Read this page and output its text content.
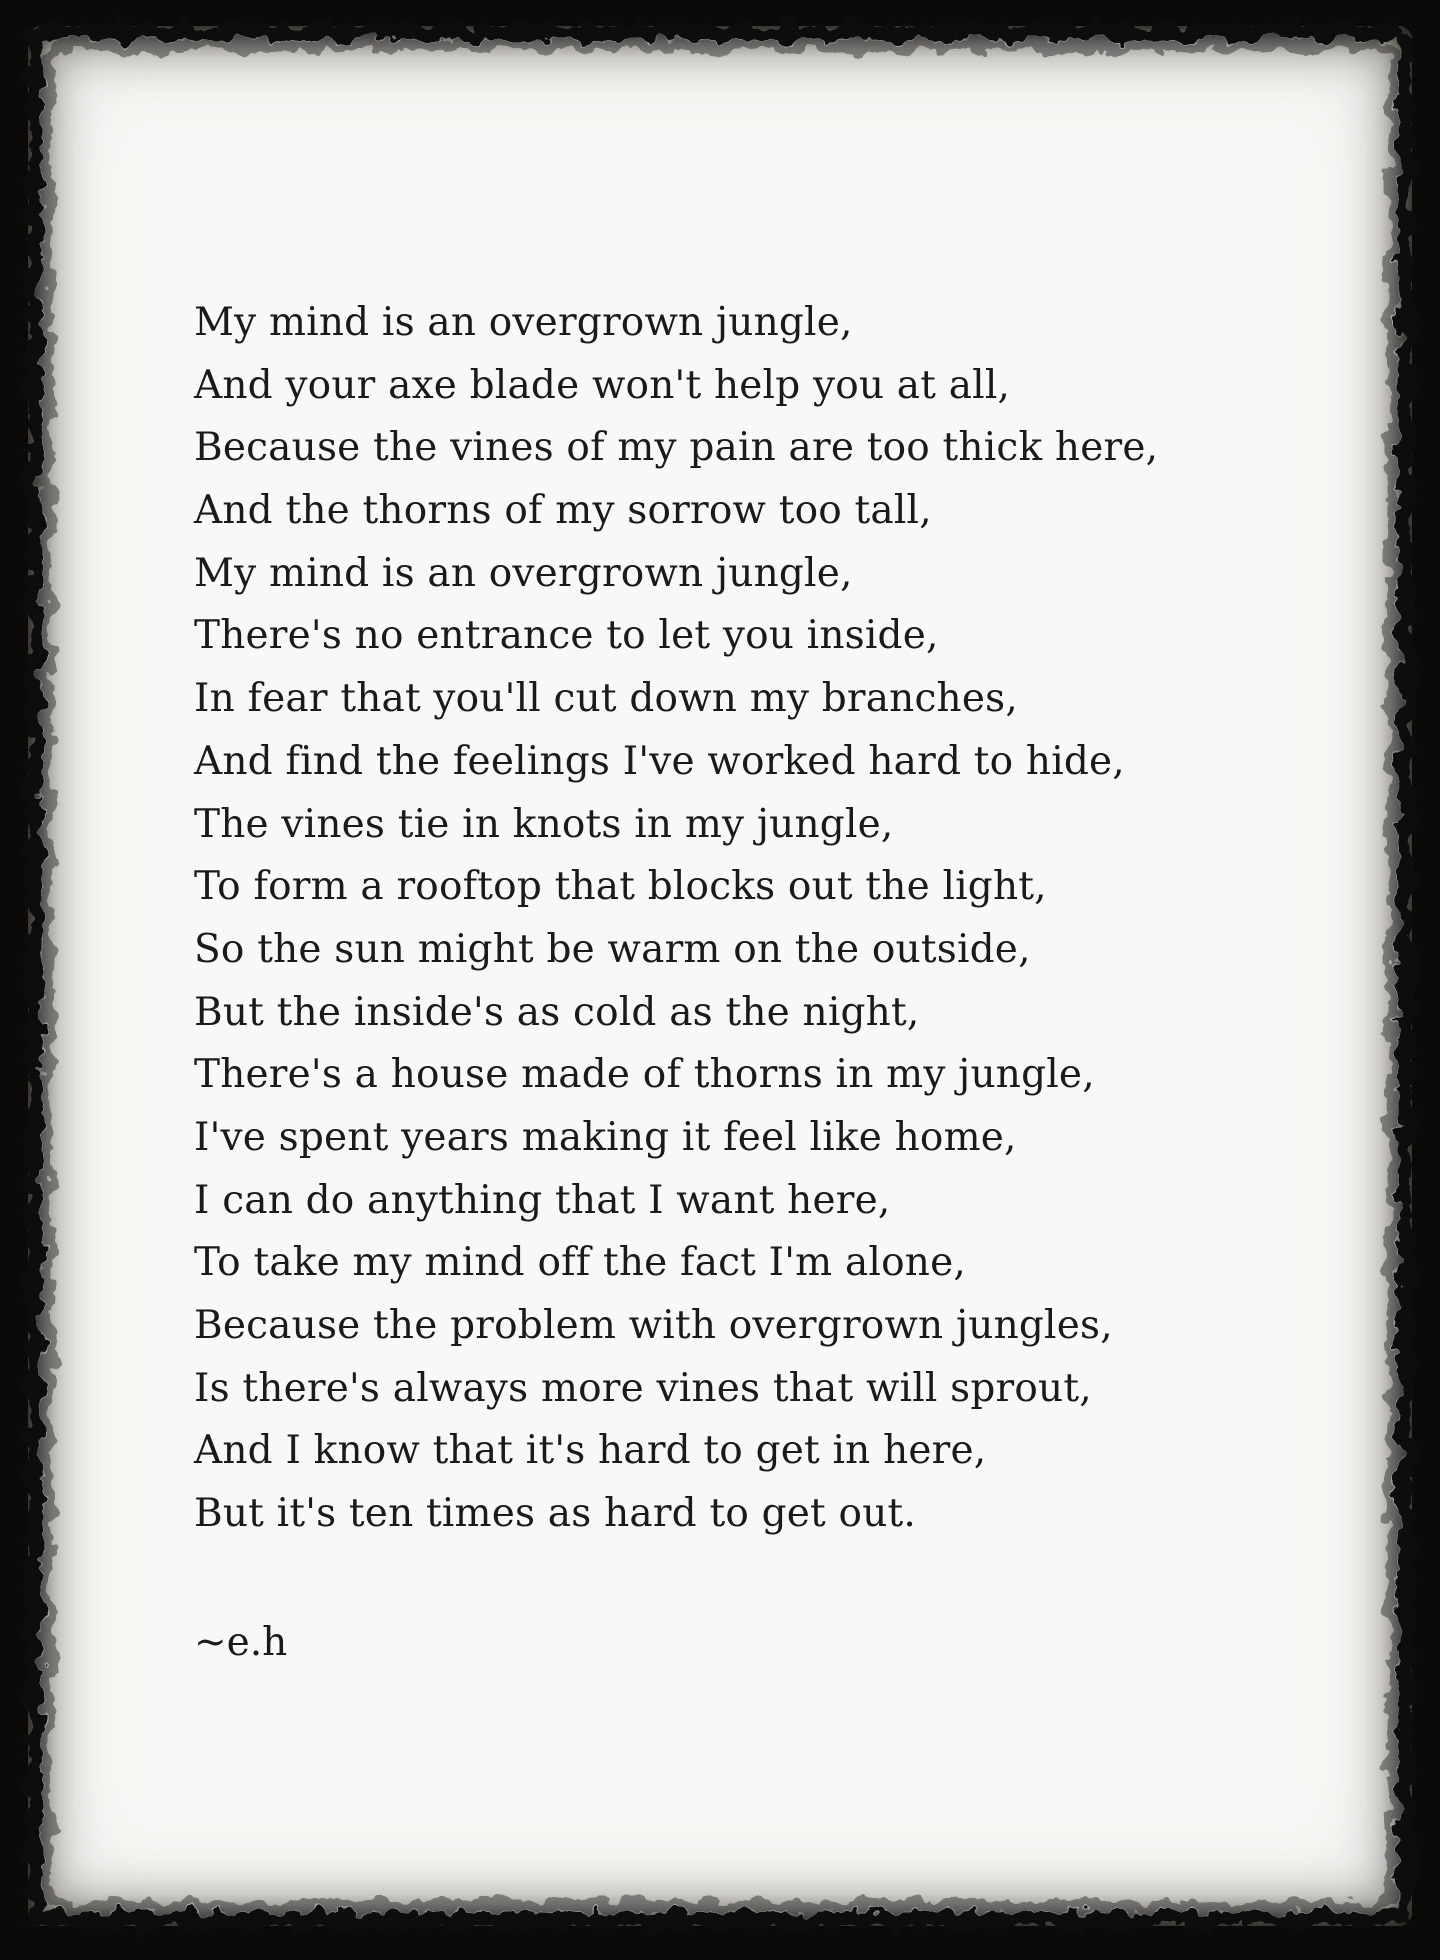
My mind is an overgrown jungle,
And your axe blade won't help you at all,
Because the vines of my pain are too thick here,
And the thorns of my sorrow too tall,
My mind is an overgrown jungle,
There's no entrance to let you inside,
In fear that you'll cut down my branches,
And find the feelings I've worked hard to hide,
The vines tie in knots in my jungle,
To form a rooftop that blocks out the light,
So the sun might be warm on the outside,
But the inside's as cold as the night,
There's a house made of thorns in my jungle,
I've spent years making it feel like home,
I can do anything that I want here,
To take my mind off the fact I'm alone,
Because the problem with overgrown jungles,
Is there's always more vines that will sprout,
And I know that it's hard to get in here,
But it's ten times as hard to get out.
~e.h
